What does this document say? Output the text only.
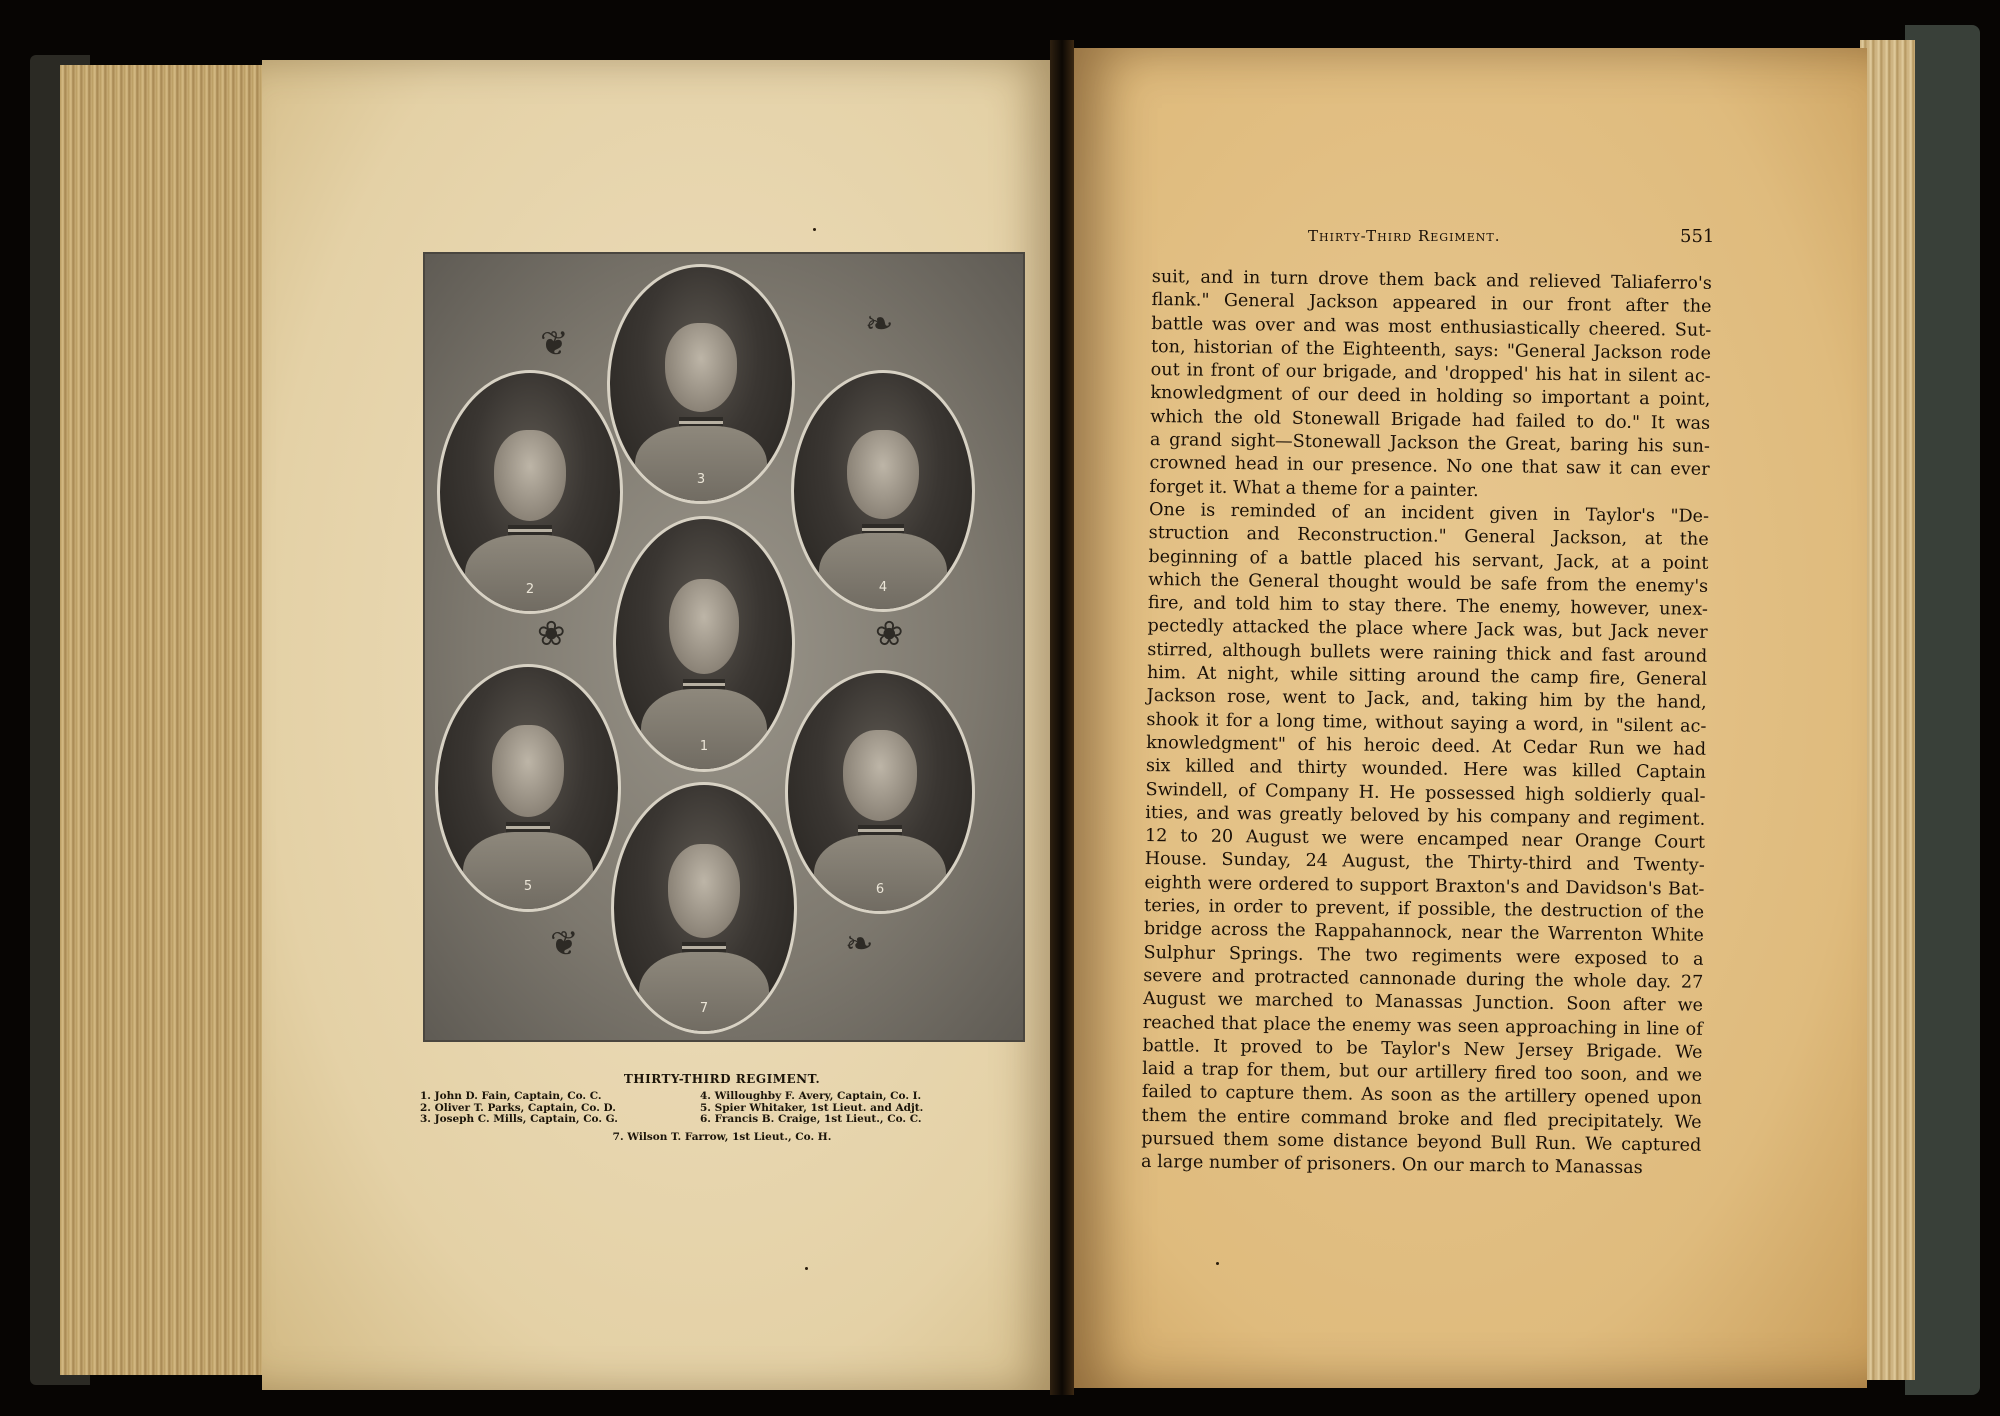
❦	❧
❦	❧
❀	❀
3
2	4
1
5	6
7
THIRTY-THIRD REGIMENT.
1. John D. Fain, Captain, Co. C.
2. Oliver T. Parks, Captain, Co. D.
3. Joseph C. Mills, Captain, Co. G.
4. Willoughby F. Avery, Captain, Co. I.
5. Spier Whitaker, 1st Lieut. and Adjt.
6. Francis B. Craige, 1st Lieut., Co. C.
7. Wilson T. Farrow, 1st Lieut., Co. H.
Thirty-Third Regiment.	551
suit, and in turn drove them back and relieved Taliaferro's
flank." General Jackson appeared in our front after the
battle was over and was most enthusiastically cheered. Sut-
ton, historian of the Eighteenth, says: "General Jackson rode
out in front of our brigade, and 'dropped' his hat in silent ac-
knowledgment of our deed in holding so important a point,
which the old Stonewall Brigade had failed to do." It was
a grand sight—Stonewall Jackson the Great, baring his sun-
crowned head in our presence. No one that saw it can ever
forget it. What a theme for a painter.
One is reminded of an incident given in Taylor's "De-
struction and Reconstruction." General Jackson, at the
beginning of a battle placed his servant, Jack, at a point
which the General thought would be safe from the enemy's
fire, and told him to stay there. The enemy, however, unex-
pectedly attacked the place where Jack was, but Jack never
stirred, although bullets were raining thick and fast around
him. At night, while sitting around the camp fire, General
Jackson rose, went to Jack, and, taking him by the hand,
shook it for a long time, without saying a word, in "silent ac-
knowledgment" of his heroic deed. At Cedar Run we had
six killed and thirty wounded. Here was killed Captain
Swindell, of Company H. He possessed high soldierly qual-
ities, and was greatly beloved by his company and regiment.
12 to 20 August we were encamped near Orange Court
House. Sunday, 24 August, the Thirty-third and Twenty-
eighth were ordered to support Braxton's and Davidson's Bat-
teries, in order to prevent, if possible, the destruction of the
bridge across the Rappahannock, near the Warrenton White
Sulphur Springs. The two regiments were exposed to a
severe and protracted cannonade during the whole day. 27
August we marched to Manassas Junction. Soon after we
reached that place the enemy was seen approaching in line of
battle. It proved to be Taylor's New Jersey Brigade. We
laid a trap for them, but our artillery fired too soon, and we
failed to capture them. As soon as the artillery opened upon
them the entire command broke and fled precipitately. We
pursued them some distance beyond Bull Run. We captured
a large number of prisoners. On our march to Manassas
